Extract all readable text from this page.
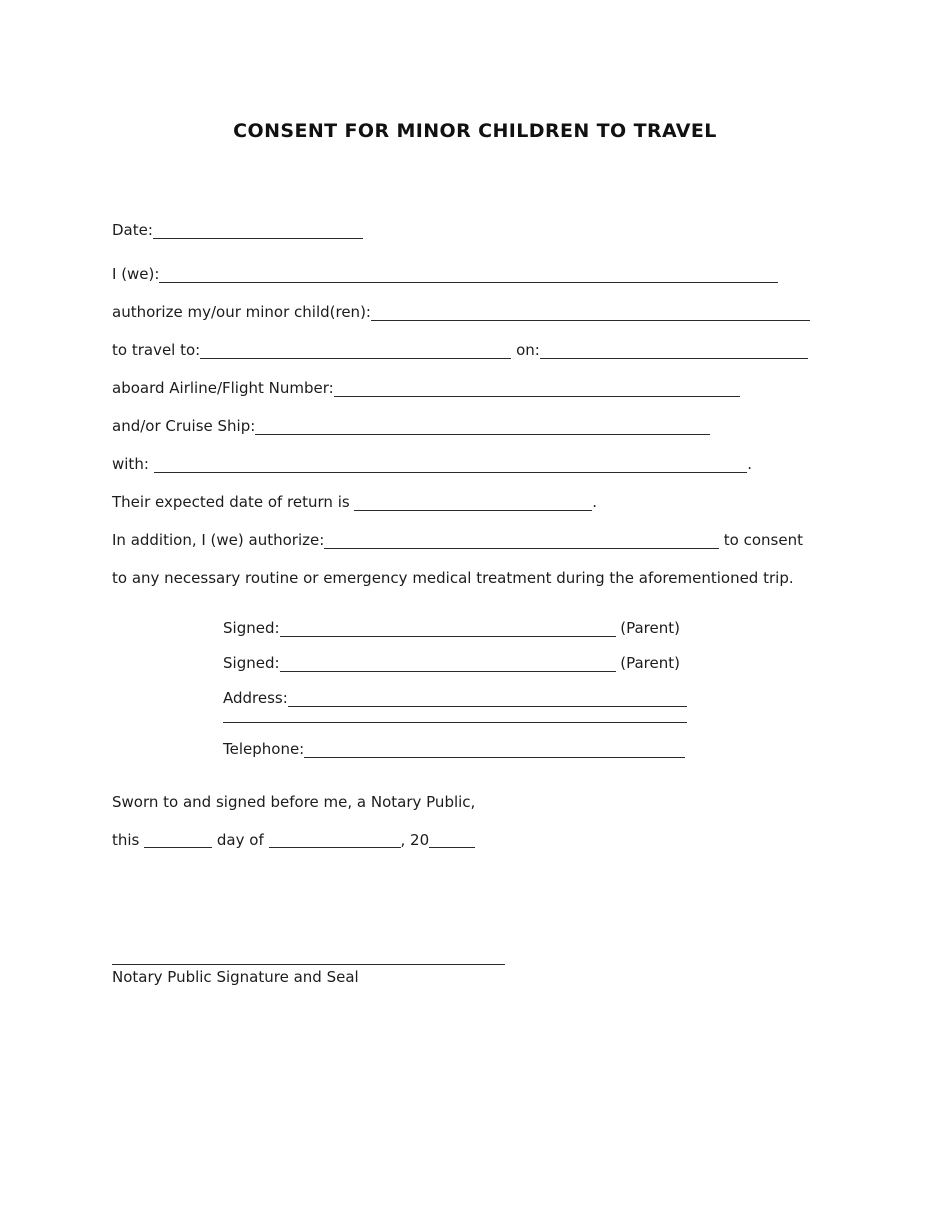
CONSENT FOR MINOR CHILDREN TO TRAVEL
Date:
I (we):
authorize my/our minor child(ren):
to travel to:	on:
aboard Airline/Flight Number:
and/or Cruise Ship:
with:	.
Their expected date of return is	.
In addition, I (we) authorize:	to consent
to any necessary routine or emergency medical treatment during the aforementioned trip.
Signed:	(Parent)
Signed:	(Parent)
Address:
Telephone:
Sworn to and signed before me, a Notary Public,
this	day of	, 20
Notary Public Signature and Seal
